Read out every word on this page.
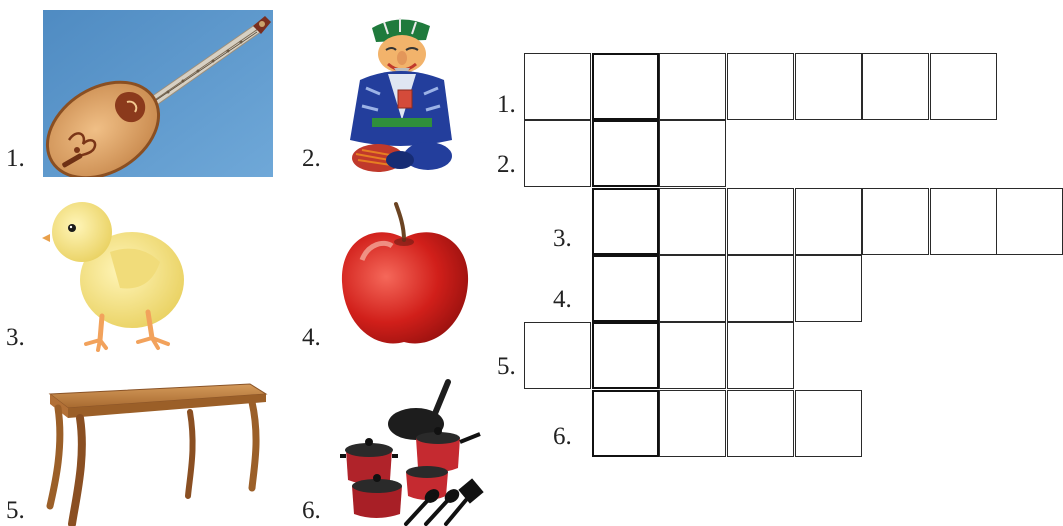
1.	2.
3.	4.
5.	6.
1.
2.
3.
4.
5.
6.
